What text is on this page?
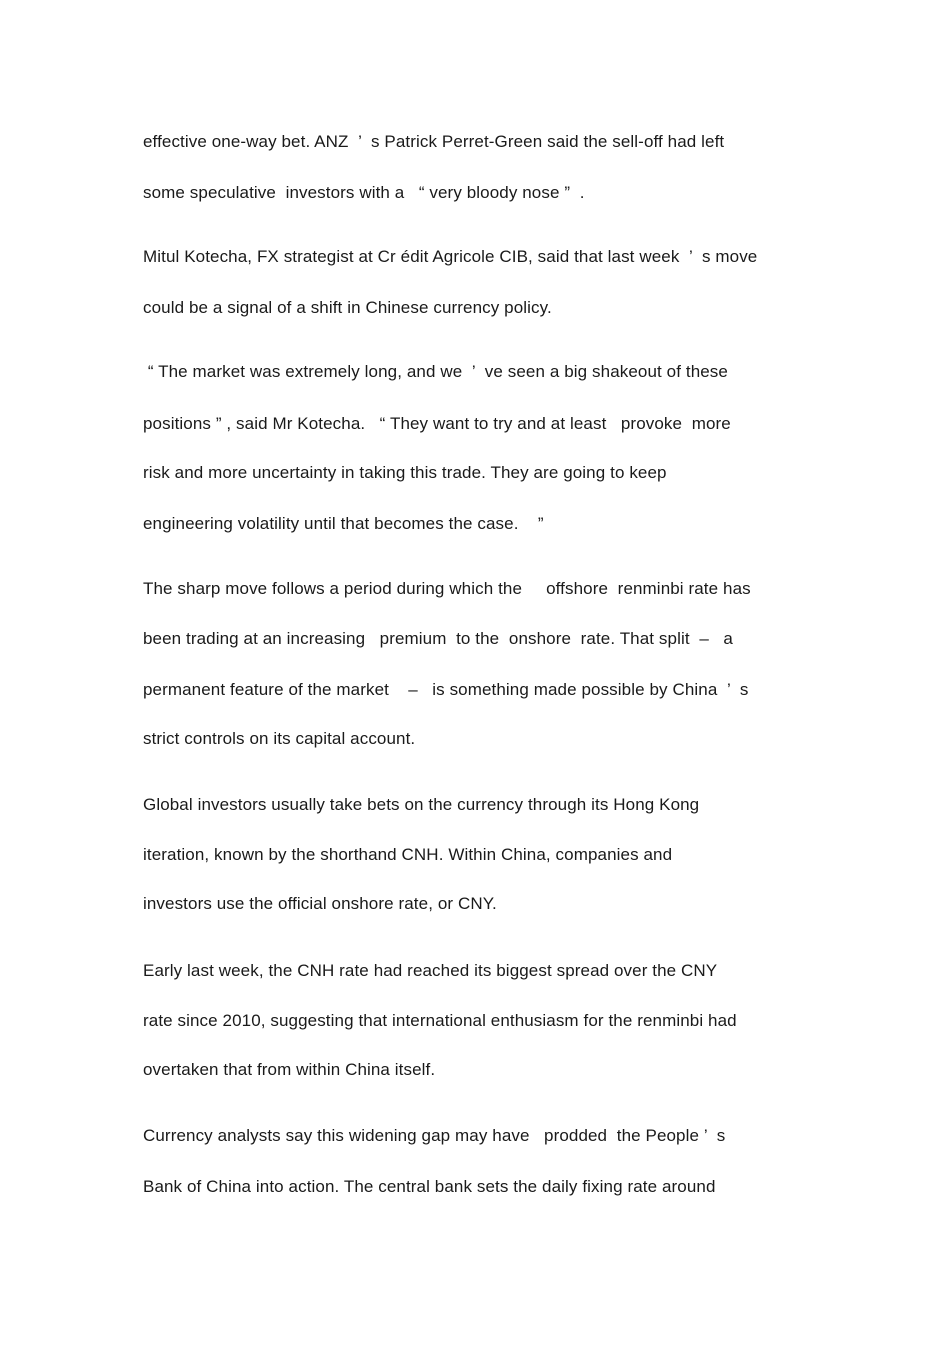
effective one-way bet. ANZ  ’  s Patrick Perret-Green said the sell-off had left
some speculative  investors with a   “ very bloody nose ”  .
Mitul Kotecha, FX strategist at Cr édit Agricole CIB, said that last week  ’  s move
could be a signal of a shift in Chinese currency policy.
“ The market was extremely long, and we  ’  ve seen a big shakeout of these
positions ” , said Mr Kotecha.   “ They want to try and at least   provoke  more
risk and more uncertainty in taking this trade. They are going to keep
engineering volatility until that becomes the case.    ”
The sharp move follows a period during which the     offshore  renminbi rate has
been trading at an increasing   premium  to the  onshore  rate. That split  –   a
permanent feature of the market    –   is something made possible by China  ’  s
strict controls on its capital account.
Global investors usually take bets on the currency through its Hong Kong
iteration, known by the shorthand CNH. Within China, companies and
investors use the official onshore rate, or CNY.
Early last week, the CNH rate had reached its biggest spread over the CNY
rate since 2010, suggesting that international enthusiasm for the renminbi had
overtaken that from within China itself.
Currency analysts say this widening gap may have   prodded  the People ’  s
Bank of China into action. The central bank sets the daily fixing rate around
